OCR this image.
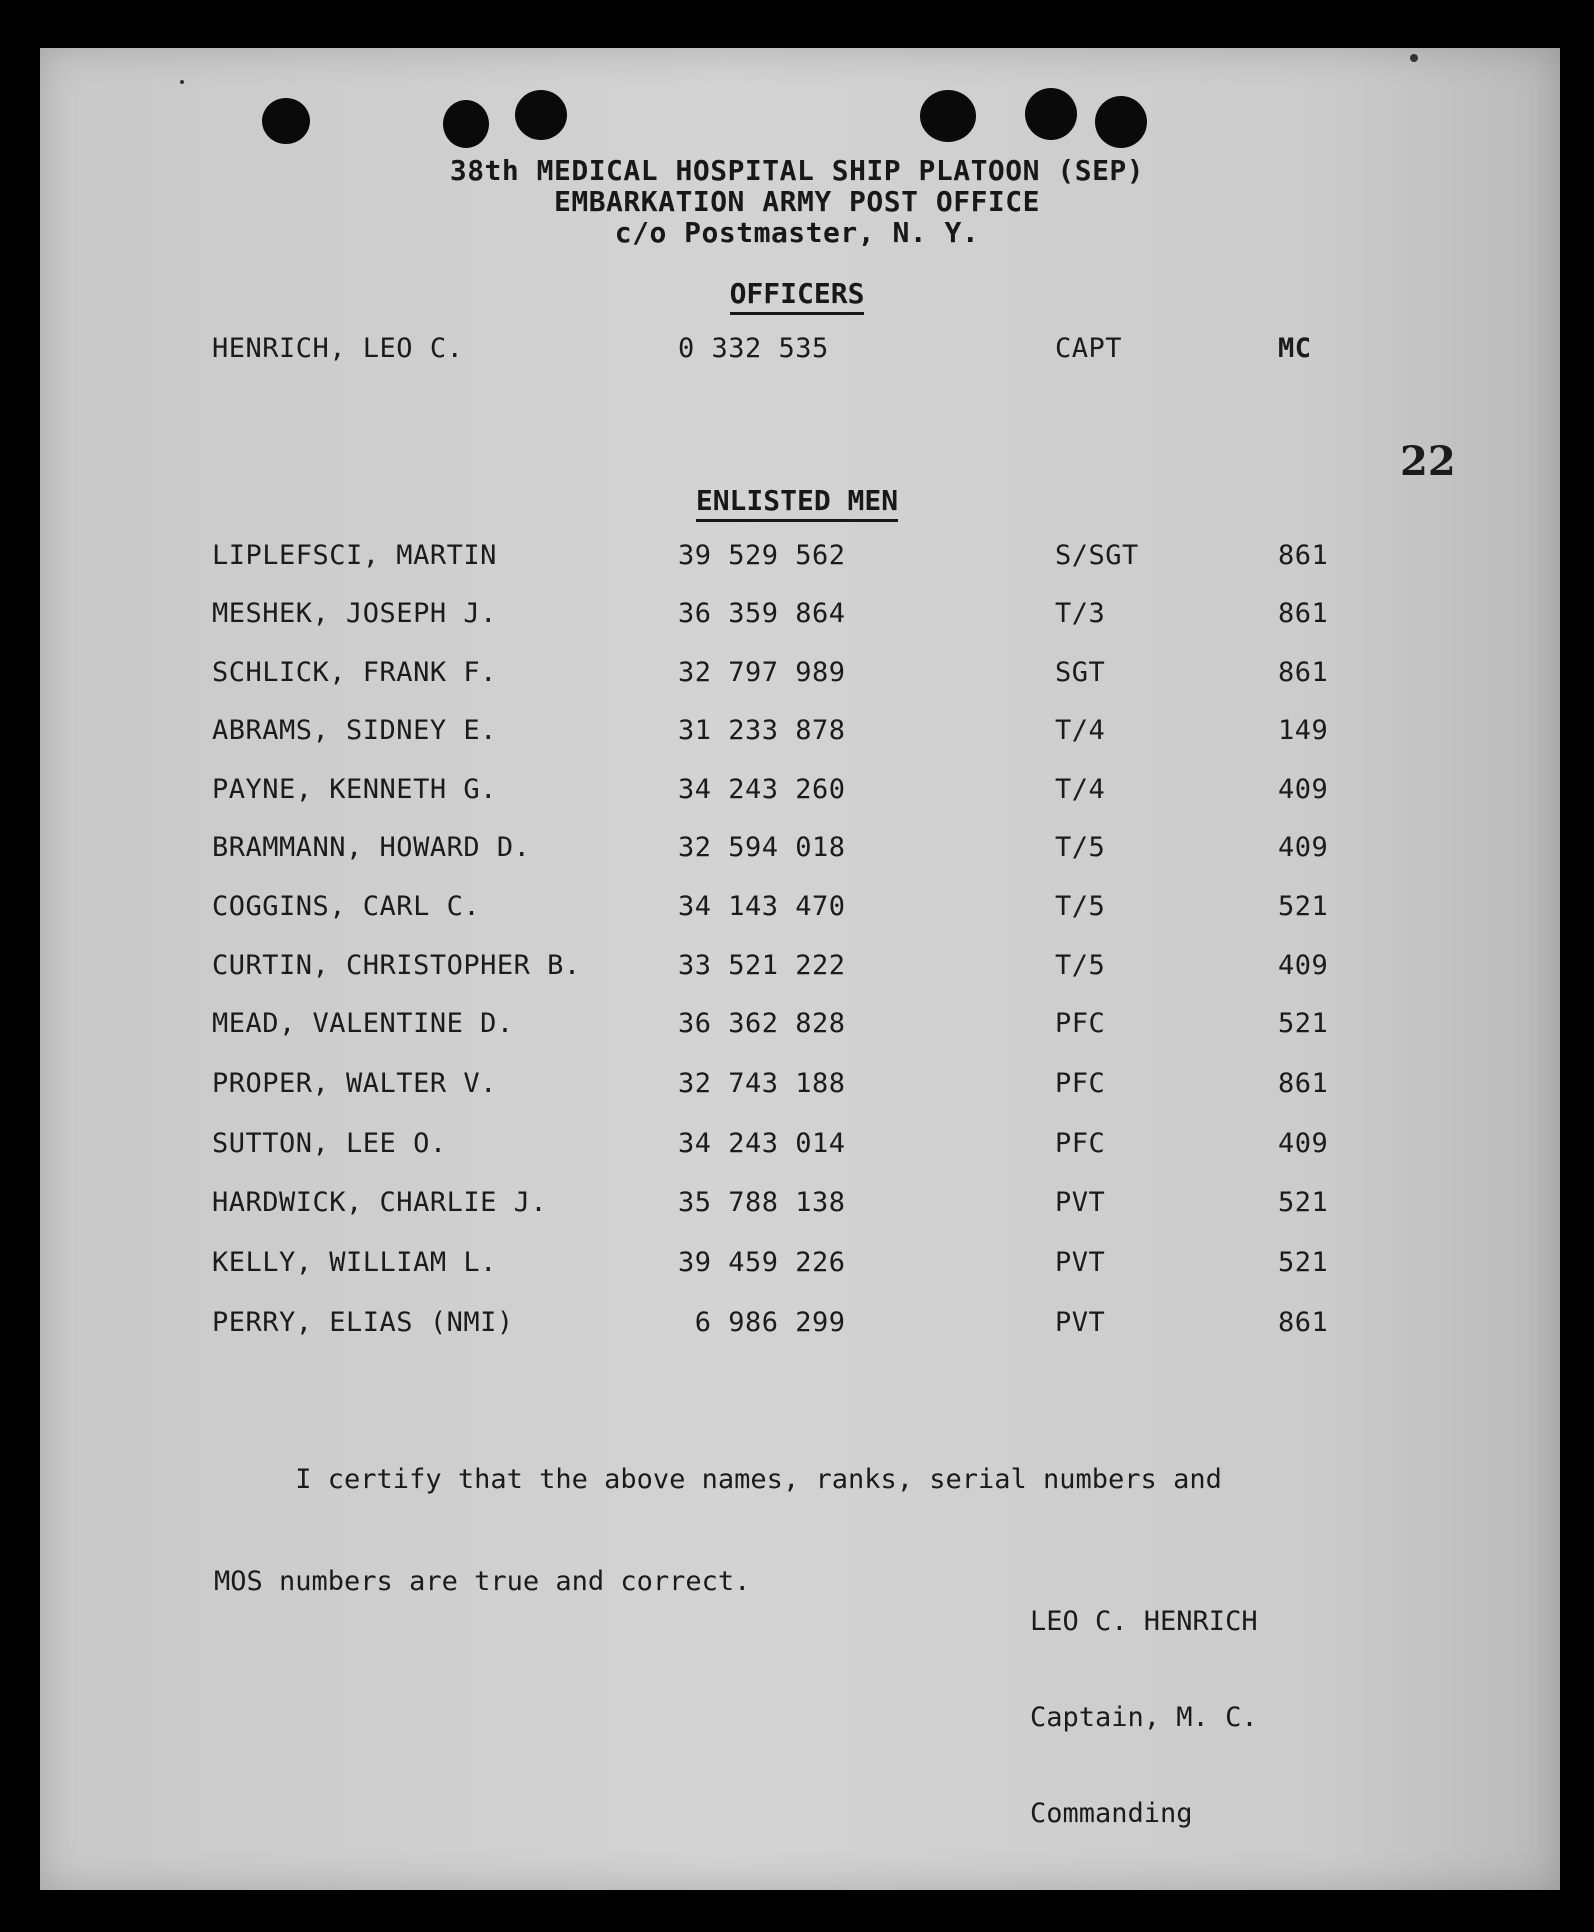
38th MEDICAL HOSPITAL SHIP PLATOON (SEP)
EMBARKATION ARMY POST OFFICE
c/o Postmaster, N. Y.
OFFICERS
HENRICH, LEO C.	0 332 535	CAPT	MC
22
ENLISTED MEN
LIPLEFSCI, MARTIN	39 529 562	S/SGT	861
MESHEK, JOSEPH J.	36 359 864	T/3	861
SCHLICK, FRANK F.	32 797 989	SGT	861
ABRAMS, SIDNEY E.	31 233 878	T/4	149
PAYNE, KENNETH G.	34 243 260	T/4	409
BRAMMANN, HOWARD D.	32 594 018	T/5	409
COGGINS, CARL C.	34 143 470	T/5	521
CURTIN, CHRISTOPHER B.	33 521 222	T/5	409
MEAD, VALENTINE D.	36 362 828	PFC	521
PROPER, WALTER V.	32 743 188	PFC	861
SUTTON, LEE O.	34 243 014	PFC	409
HARDWICK, CHARLIE J.	35 788 138	PVT	521
KELLY, WILLIAM L.	39 459 226	PVT	521
PERRY, ELIAS (NMI)	6 986 299	PVT	861

I certify that the above names, ranks, serial numbers and

MOS numbers are true and correct.

LEO C. HENRICH

Captain, M. C.

Commanding
